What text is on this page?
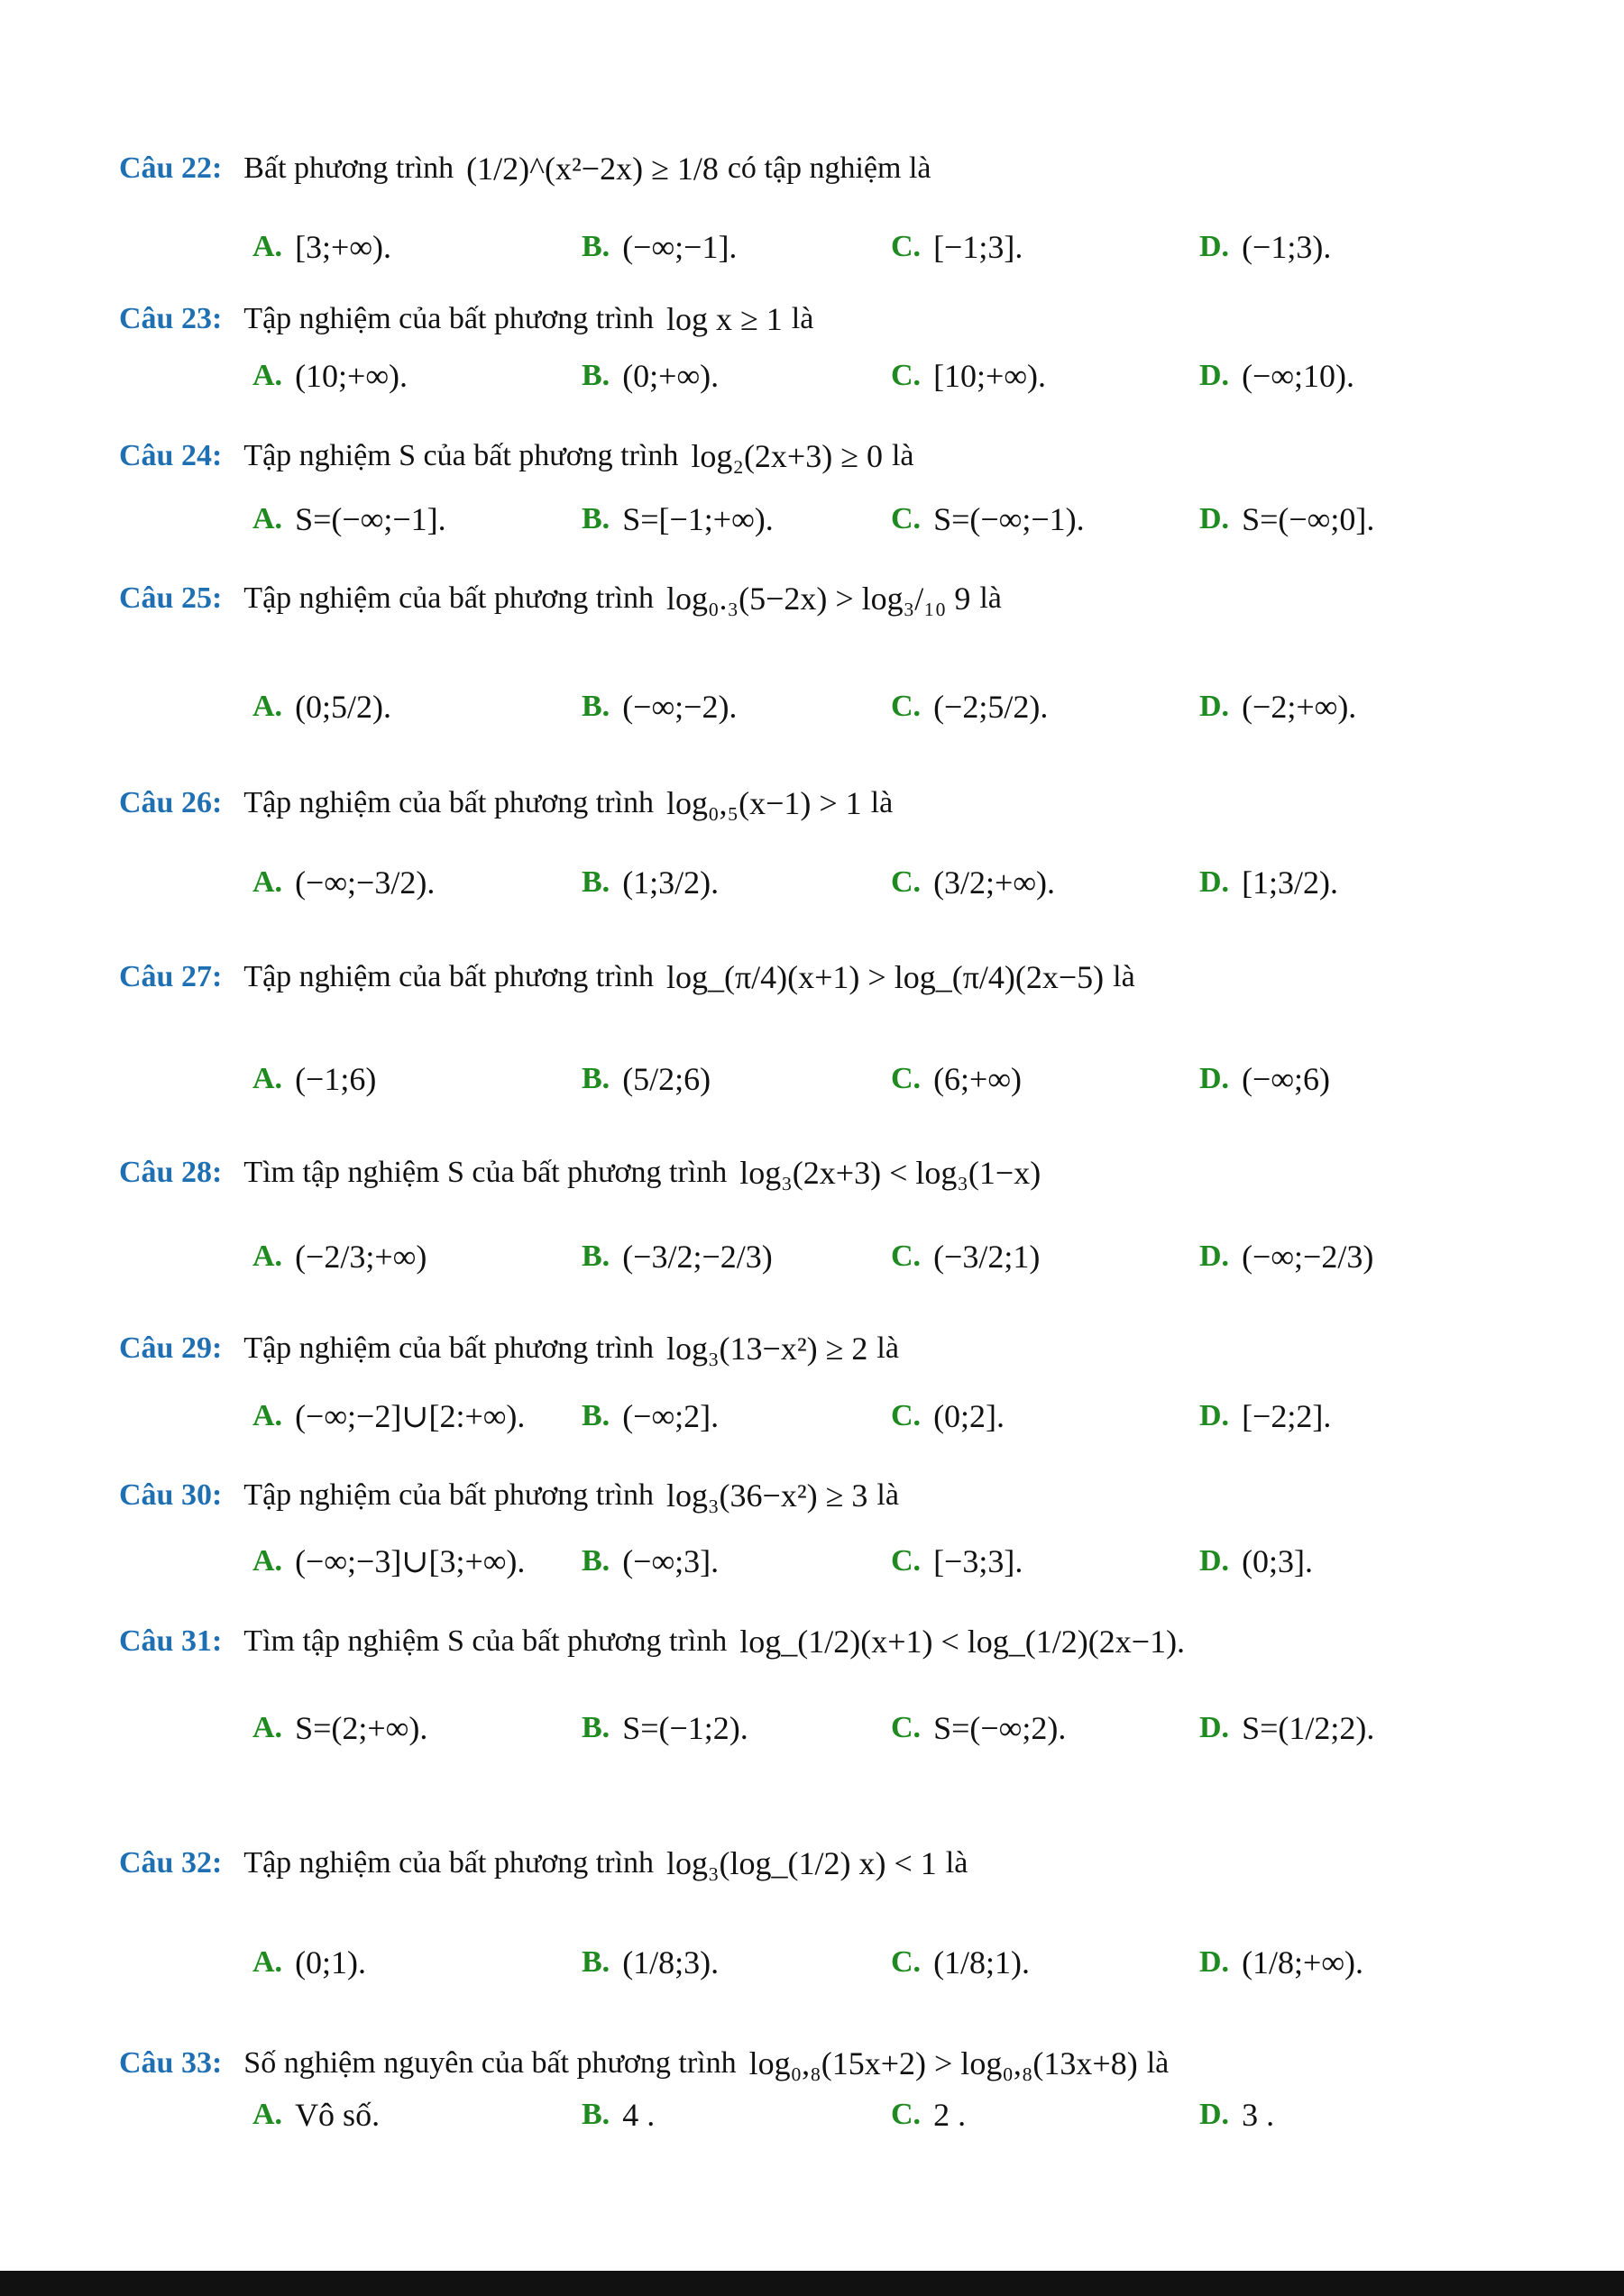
Câu 22: Bất phương trình (1/2)^(x²−2x) ≥ 1/8 có tập nghiệm là
A. [3;+∞).	B. (−∞;−1].	C. [−1;3].	D. (−1;3).
Câu 23: Tập nghiệm của bất phương trình log x ≥ 1 là
A. (10;+∞).	B. (0;+∞).	C. [10;+∞).	D. (−∞;10).
Câu 24: Tập nghiệm S của bất phương trình log₂(2x+3) ≥ 0 là
A. S=(−∞;−1].	B. S=[−1;+∞).	C. S=(−∞;−1).	D. S=(−∞;0].
Câu 25: Tập nghiệm của bất phương trình log₀.₃(5−2x) > log₃/₁₀ 9 là
A. (0;5/2).	B. (−∞;−2).	C. (−2;5/2).	D. (−2;+∞).
Câu 26: Tập nghiệm của bất phương trình log₀,₅(x−1) > 1 là
A. (−∞;−3/2).	B. (1;3/2).	C. (3/2;+∞).	D. [1;3/2).
Câu 27: Tập nghiệm của bất phương trình log_(π/4)(x+1) > log_(π/4)(2x−5) là
A. (−1;6)	B. (5/2;6)	C. (6;+∞)	D. (−∞;6)
Câu 28: Tìm tập nghiệm S của bất phương trình log₃(2x+3) < log₃(1−x)
A. (−2/3;+∞)	B. (−3/2;−2/3)	C. (−3/2;1)	D. (−∞;−2/3)
Câu 29: Tập nghiệm của bất phương trình log₃(13−x²) ≥ 2 là
A. (−∞;−2]∪[2:+∞). B. (−∞;2].	C. (0;2].	D. [−2;2].
Câu 30: Tập nghiệm của bất phương trình log₃(36−x²) ≥ 3 là
A. (−∞;−3]∪[3;+∞). B. (−∞;3].	C. [−3;3].	D. (0;3].
Câu 31: Tìm tập nghiệm S của bất phương trình log_(1/2)(x+1) < log_(1/2)(2x−1).
A. S=(2;+∞).	B. S=(−1;2).	C. S=(−∞;2).	D. S=(1/2;2).
Câu 32: Tập nghiệm của bất phương trình log₃(log_(1/2) x) < 1 là
A. (0;1).	B. (1/8;3).	C. (1/8;1).	D. (1/8;+∞).
Câu 33: Số nghiệm nguyên của bất phương trình log₀,₈(15x+2) > log₀,₈(13x+8) là
A. Vô số.	B. 4 .	C. 2 .	D. 3 .
